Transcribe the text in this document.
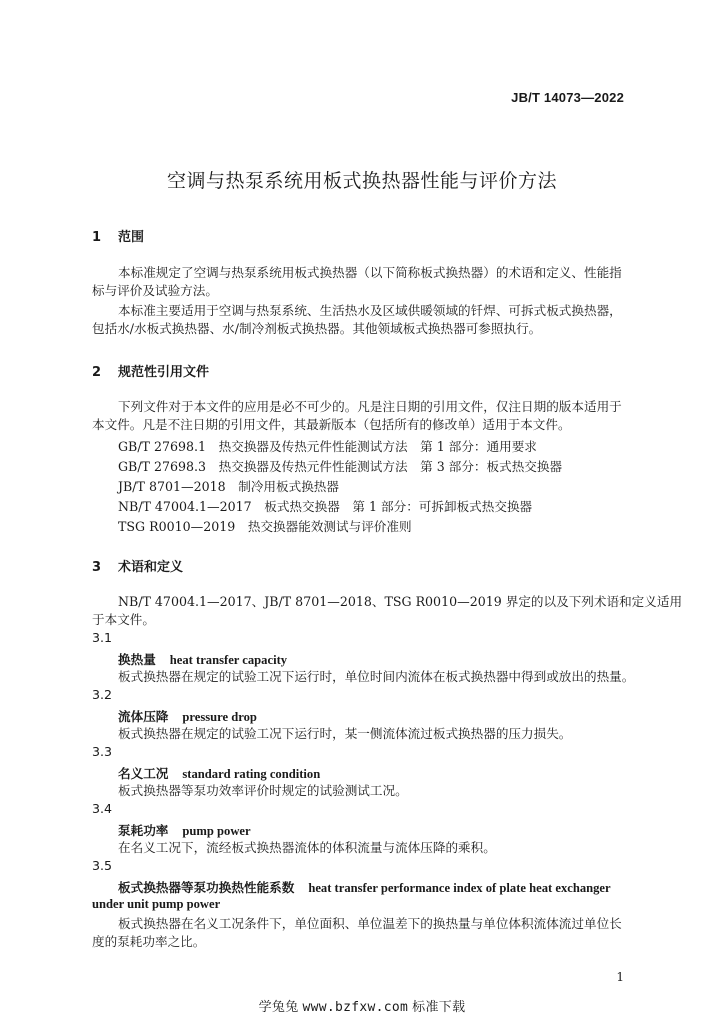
JB/T 14073—2022
空调与热泵系统用板式换热器性能与评价方法
1 范围
本标准规定了空调与热泵系统用板式换热器（以下简称板式换热器）的术语和定义、性能指
标与评价及试验方法。
本标准主要适用于空调与热泵系统、生活热水及区域供暖领域的钎焊、可拆式板式换热器，
包括水/水板式换热器、水/制冷剂板式换热器。其他领域板式换热器可参照执行。
2 规范性引用文件
下列文件对于本文件的应用是必不可少的。凡是注日期的引用文件，仅注日期的版本适用于
本文件。凡是不注日期的引用文件，其最新版本（包括所有的修改单）适用于本文件。
GB/T 27698.1　热交换器及传热元件性能测试方法　第 1 部分：通用要求
GB/T 27698.3　热交换器及传热元件性能测试方法　第 3 部分：板式热交换器
JB/T 8701—2018　制冷用板式换热器
NB/T 47004.1—2017　板式热交换器　第 1 部分：可拆卸板式热交换器
TSG R0010—2019　热交换器能效测试与评价准则
3 术语和定义
NB/T 47004.1—2017、JB/T 8701—2018、TSG R0010—2019 界定的以及下列术语和定义适用
于本文件。
3.1
换热量 heat transfer capacity
板式换热器在规定的试验工况下运行时，单位时间内流体在板式换热器中得到或放出的热量。
3.2
流体压降 pressure drop
板式换热器在规定的试验工况下运行时，某一侧流体流过板式换热器的压力损失。
3.3
名义工况 standard rating condition
板式换热器等泵功效率评价时规定的试验测试工况。
3.4
泵耗功率 pump power
在名义工况下，流经板式换热器流体的体积流量与流体压降的乘积。
3.5
板式换热器等泵功换热性能系数 heat transfer performance index of plate heat exchanger
under unit pump power
板式换热器在名义工况条件下，单位面积、单位温差下的换热量与单位体积流体流过单位长
度的泵耗功率之比。
1
学兔兔 www.bzfxw.com 标准下载
